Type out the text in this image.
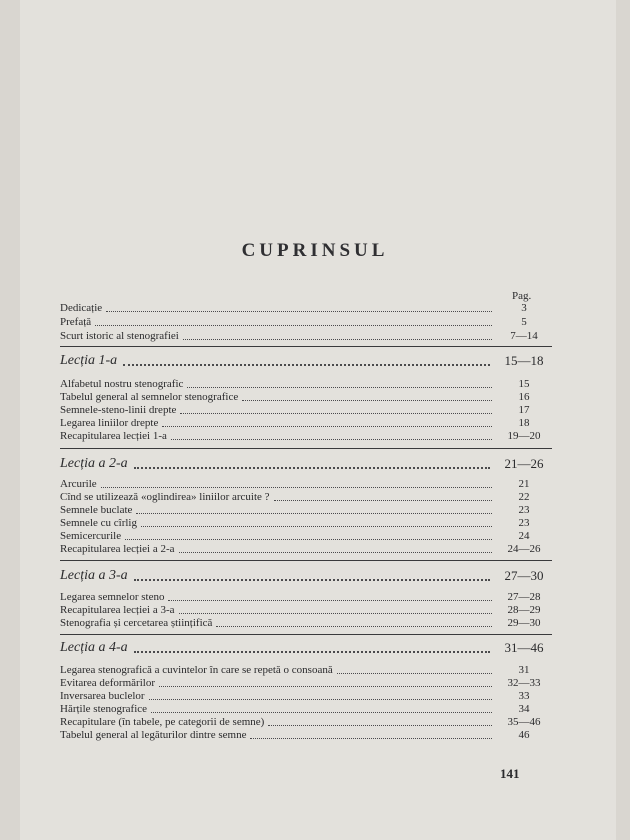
CUPRINSUL
Pag.
Dedicație	3
Prefață	5
Scurt istoric al stenografiei	7—14
Lecția 1-a	15—18
Alfabetul nostru stenografic	15
Tabelul general al semnelor stenografice	16
Semnele-steno-linii drepte	17
Legarea liniilor drepte	18
Recapitularea lecției 1-a	19—20
Lecția a 2-a	21—26
Arcurile	21
Cînd se utilizează «oglindirea» liniilor arcuite ?	22
Semnele buclate	23
Semnele cu cîrlig	23
Semicercurile	24
Recapitularea lecției a 2-a	24—26
Lecția a 3-a	27—30
Legarea semnelor steno	27—28
Recapitularea lecției a 3-a	28—29
Stenografia și cercetarea științifică	29—30
Lecția a 4-a	31—46
Legarea stenografică a cuvintelor în care se repetă o consoană	31
Evitarea deformărilor	32—33
Inversarea buclelor	33
Hărțile stenografice	34
Recapitulare (în tabele, pe categorii de semne)	35—46
Tabelul general al legăturilor dintre semne	46
141
